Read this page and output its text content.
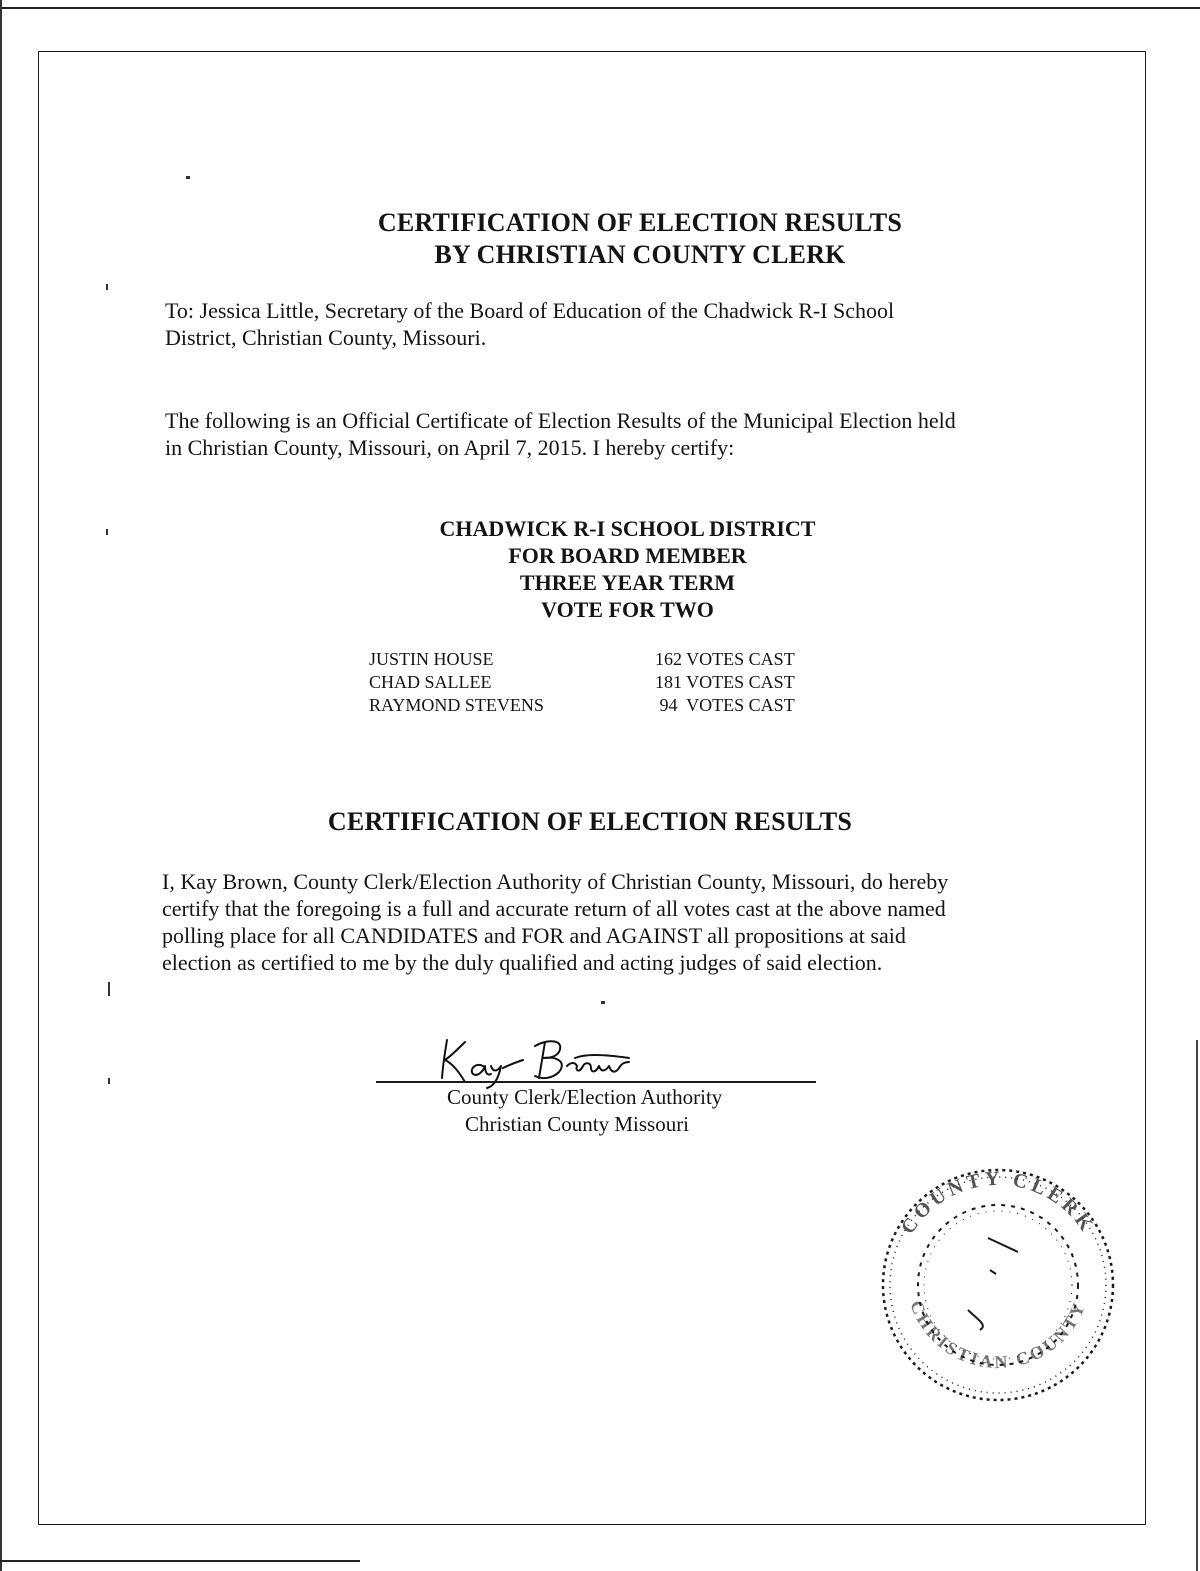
CERTIFICATION OF ELECTION RESULTS
BY CHRISTIAN COUNTY CLERK
To: Jessica Little, Secretary of the Board of Education of the Chadwick R-I School
District, Christian County, Missouri.
The following is an Official Certificate of Election Results of the Municipal Election held
in Christian County, Missouri, on April 7, 2015. I hereby certify:
CHADWICK R-I SCHOOL DISTRICT
FOR BOARD MEMBER
THREE YEAR TERM
VOTE FOR TWO
JUSTIN HOUSE	162 VOTES CAST
CHAD SALLEE	181 VOTES CAST
RAYMOND STEVENS	94  VOTES CAST
CERTIFICATION OF ELECTION RESULTS
I, Kay Brown, County Clerk/Election Authority of Christian County, Missouri, do hereby
certify that the foregoing is a full and accurate return of all votes cast at the above named
polling place for all CANDIDATES and FOR and AGAINST all propositions at said
election as certified to me by the duly qualified and acting judges of said election.
County Clerk/Election Authority
Christian County Missouri
COUNTY CLERK
CHRISTIAN COUNTY
